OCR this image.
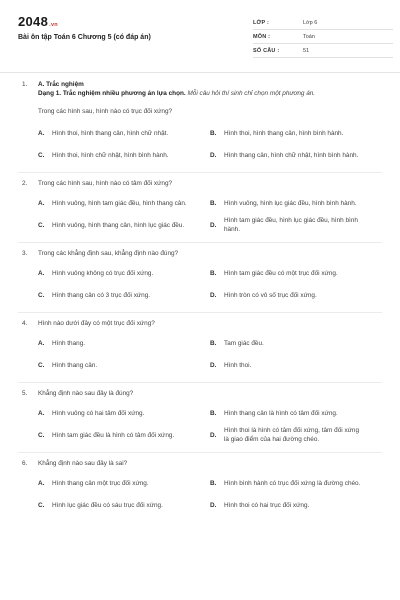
2048.vn
Bài ôn tập Toán 6 Chương 5 (có đáp án)
LỚP :	Lớp 6
MÔN :	Toán
SỐ CÂU :	51
1. A. Trắc nghiệm
Dạng 1. Trắc nghiệm nhiều phương án lựa chọn. Mỗi câu hỏi thí sinh chỉ chọn một phương án.
Trong các hình sau, hình nào có trục đối xứng?
A. Hình thoi, hình thang cân, hình chữ nhật.	B. Hình thoi, hình thang cân, hình bình hành.
C. Hình thoi, hình chữ nhật, hình bình hành.	D. Hình thang cân, hình chữ nhật, hình bình hành.
2. Trong các hình sau, hình nào có tâm đối xứng?
A. Hình vuông, hình tam giác đều, hình thang cân.	B. Hình vuông, hình lục giác đều, hình bình hành.
C. Hình vuông, hình thang cân, hình lục giác đều.	D.
Hình tam giác đều, hình lục giác đều, hình bình hành.
3. Trong các khẳng định sau, khẳng định nào đúng?
A. Hình vuông không có trục đối xứng.	B. Hình tam giác đều có một trục đối xứng.
C. Hình thang cân có 3 trục đối xứng.	D. Hình tròn có vô số trục đối xứng.
4. Hình nào dưới đây có một trục đối xứng?
A. Hình thang.	B. Tam giác đều.
C. Hình thang cân.	D. Hình thoi.
5. Khẳng định nào sau đây là đúng?
A. Hình vuông có hai tâm đối xứng.	B. Hình thang cân là hình có tâm đối xứng.
C. Hình tam giác đều là hình có tâm đối xứng.	D.
Hình thoi là hình có tâm đối xứng, tâm đối xứng là giao điểm của hai đường chéo.
6. Khẳng định nào sau đây là sai?
A. Hình thang cân một trục đối xứng.	B. Hình bình hành có trục đối xứng là đường chéo.
C. Hình lục giác đều có sáu trục đối xứng.	D. Hình thoi có hai trục đối xứng.
